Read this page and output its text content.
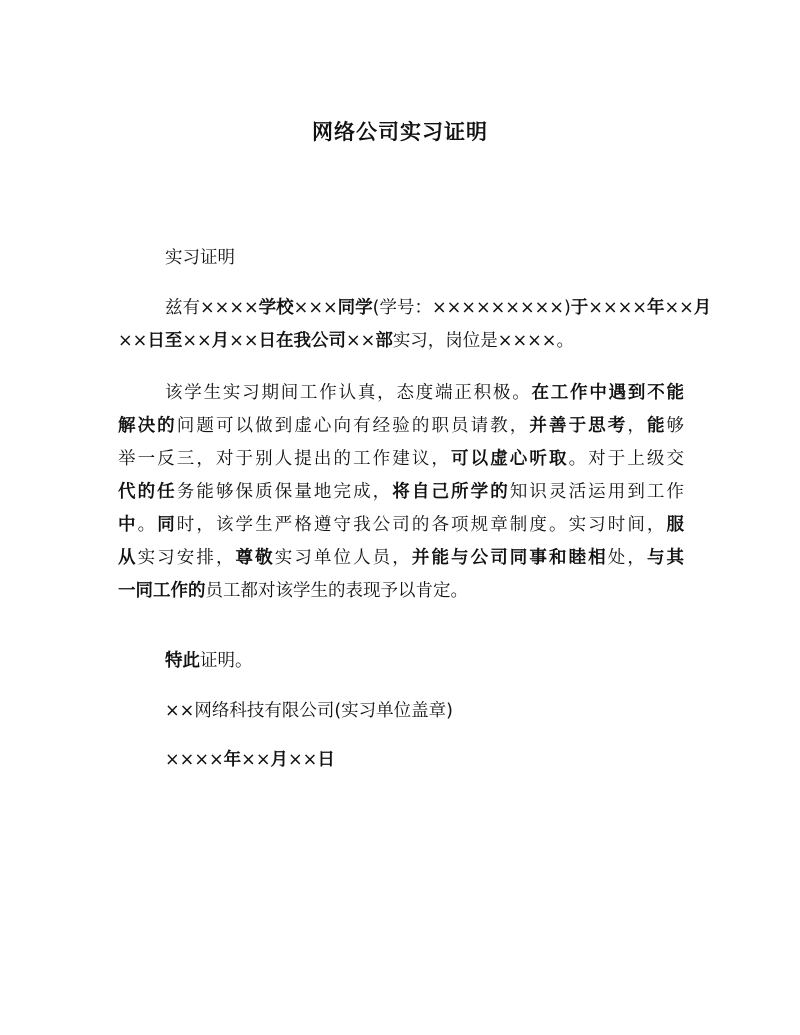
网络公司实习证明
实习证明
兹有××××学校×××同学(学号：×××××××××)于××××年××月
××日至××月××日在我公司××部实习，岗位是××××。
该学生实习期间工作认真，态度端正积极。在工作中遇到不能
解决的问题可以做到虚心向有经验的职员请教，并善于思考，能够
举一反三，对于别人提出的工作建议，可以虚心听取。对于上级交
代的任务能够保质保量地完成，将自己所学的知识灵活运用到工作
中。同时，该学生严格遵守我公司的各项规章制度。实习时间，服
从实习安排，尊敬实习单位人员，并能与公司同事和睦相处，与其
一同工作的员工都对该学生的表现予以肯定。
特此证明。
××网络科技有限公司(实习单位盖章)
××××年××月××日
